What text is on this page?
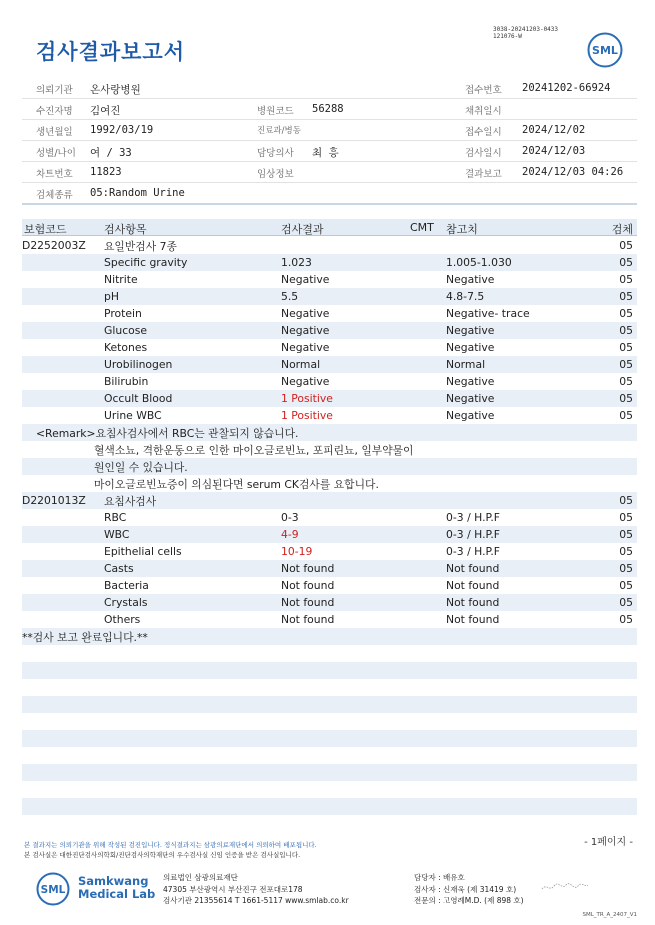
검사결과보고서
3038-20241203-0433
121076-W
SML
의뢰기관 온사랑병원	접수번호 20241202-66924
수진자명 김여진	병원코드 56288	채취일시
생년월일 1992/03/19	진료과/병동	접수일시 2024/12/02
성별/나이 여 / 33	담당의사 최 흥	검사일시 2024/12/03
차트번호 11823	임상정보	결과보고 2024/12/03 04:26
검체종류 05:Random Urine
보험코드	검사항목	검사결과	CMT 참고치	검체
D2252003Z 요일반검사 7종	05
Specific gravity	1.023	1.005-1.030	05
Nitrite	Negative	Negative	05
pH	5.5	4.8-7.5	05
Protein	Negative	Negative- trace	05
Glucose	Negative	Negative	05
Ketones	Negative	Negative	05
Urobilinogen	Normal	Normal	05
Bilirubin	Negative	Negative	05
Occult Blood	1 Positive	Negative	05
Urine WBC	1 Positive	Negative	05
<Remark>요침사검사에서 RBC는 관찰되지 않습니다.
혈색소뇨, 격한운동으로 인한 마이오글로빈뇨, 포피린뇨, 일부약물이
원인일 수 있습니다.
마이오글로빈뇨증이 의심된다면 serum CK검사를 요합니다.
D2201013Z 요침사검사	05
RBC	0-3	0-3 / H.P.F	05
WBC	4-9	0-3 / H.P.F	05
Epithelial cells	10-19	0-3 / H.P.F	05
Casts	Not found	Not found	05
Bacteria	Not found	Not found	05
Crystals	Not found	Not found	05
Others	Not found	Not found	05
**검사 보고 완료입니다.**
- 1페이지 -
본 결과지는 의뢰기관을 위해 작성된 검진입니다. 정식결과지는 삼광의료재단에서 의뢰하여 배포됩니다.
본 검사실은 대한진단검사의학회/진단검사의학재단의 우수검사실 신임 인증을 받은 검사실입니다.
SML
Samkwang
Medical Lab
의료법인 삼광의료재단
47305 부산광역시 부산진구 전포대로178
검사기관 21355614 T 1661-5117 www.smlab.co.kr
담당자 : 배유호
검사자 : 신재욱 (제 31419 호)
전문의 : 고영례M.D. (제 898 호)
SML_TR_A_2407_V1
